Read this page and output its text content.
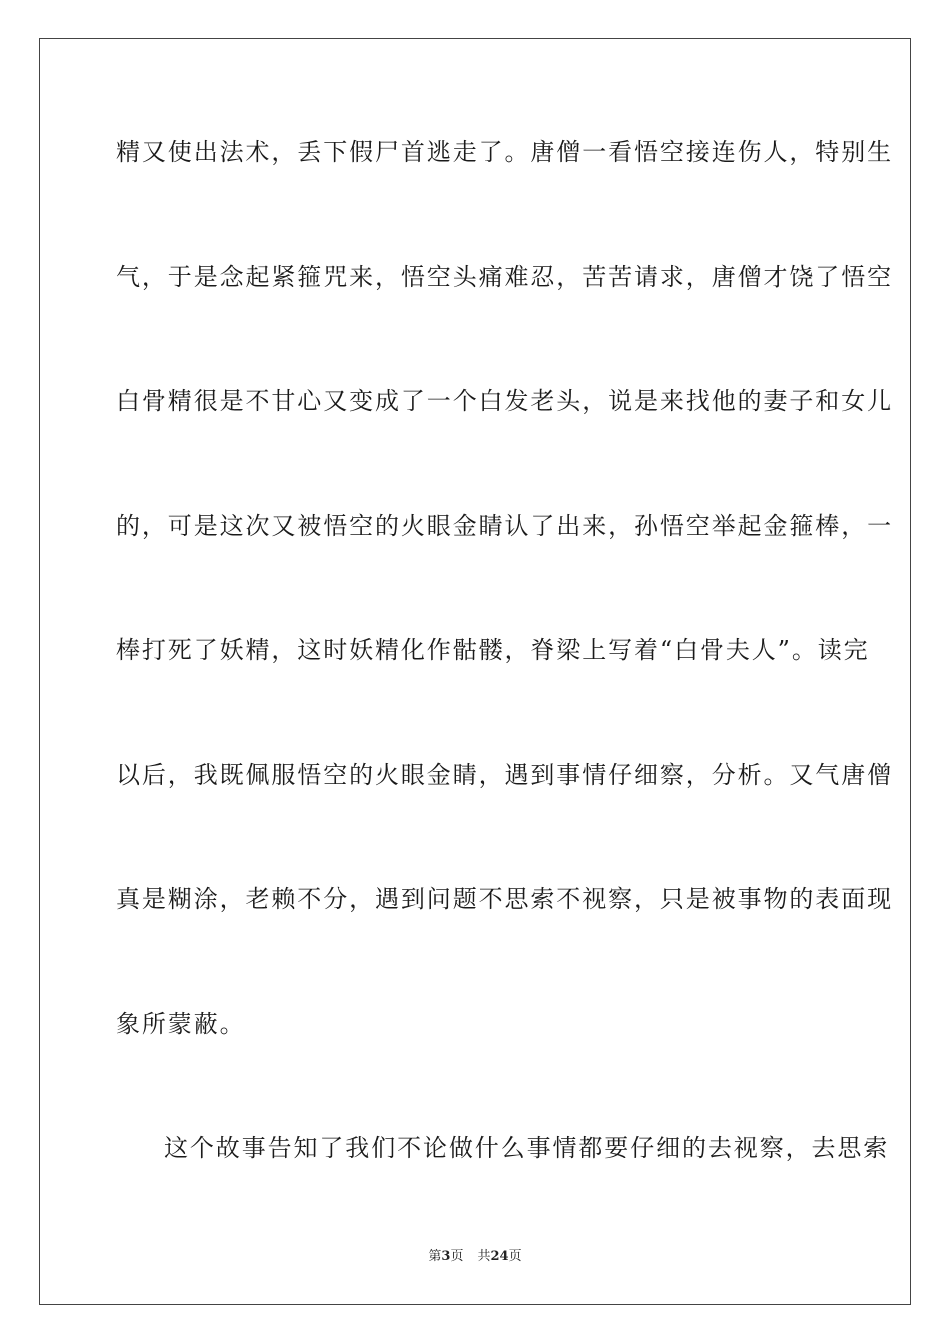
精又使出法术，丢下假尸首逃走了。唐僧一看悟空接连伤人，特别生
气，于是念起紧箍咒来，悟空头痛难忍，苦苦请求，唐僧才饶了悟空
白骨精很是不甘心又变成了一个白发老头，说是来找他的妻子和女儿
的，可是这次又被悟空的火眼金睛认了出来，孙悟空举起金箍棒，一
棒打死了妖精，这时妖精化作骷髅，脊梁上写着“白骨夫人”。读完
以后，我既佩服悟空的火眼金睛，遇到事情仔细察，分析。又气唐僧
真是糊涂，老赖不分，遇到问题不思索不视察，只是被事物的表面现
象所蒙蔽。
这个故事告知了我们不论做什么事情都要仔细的去视察，去思索
第3页 共24页
